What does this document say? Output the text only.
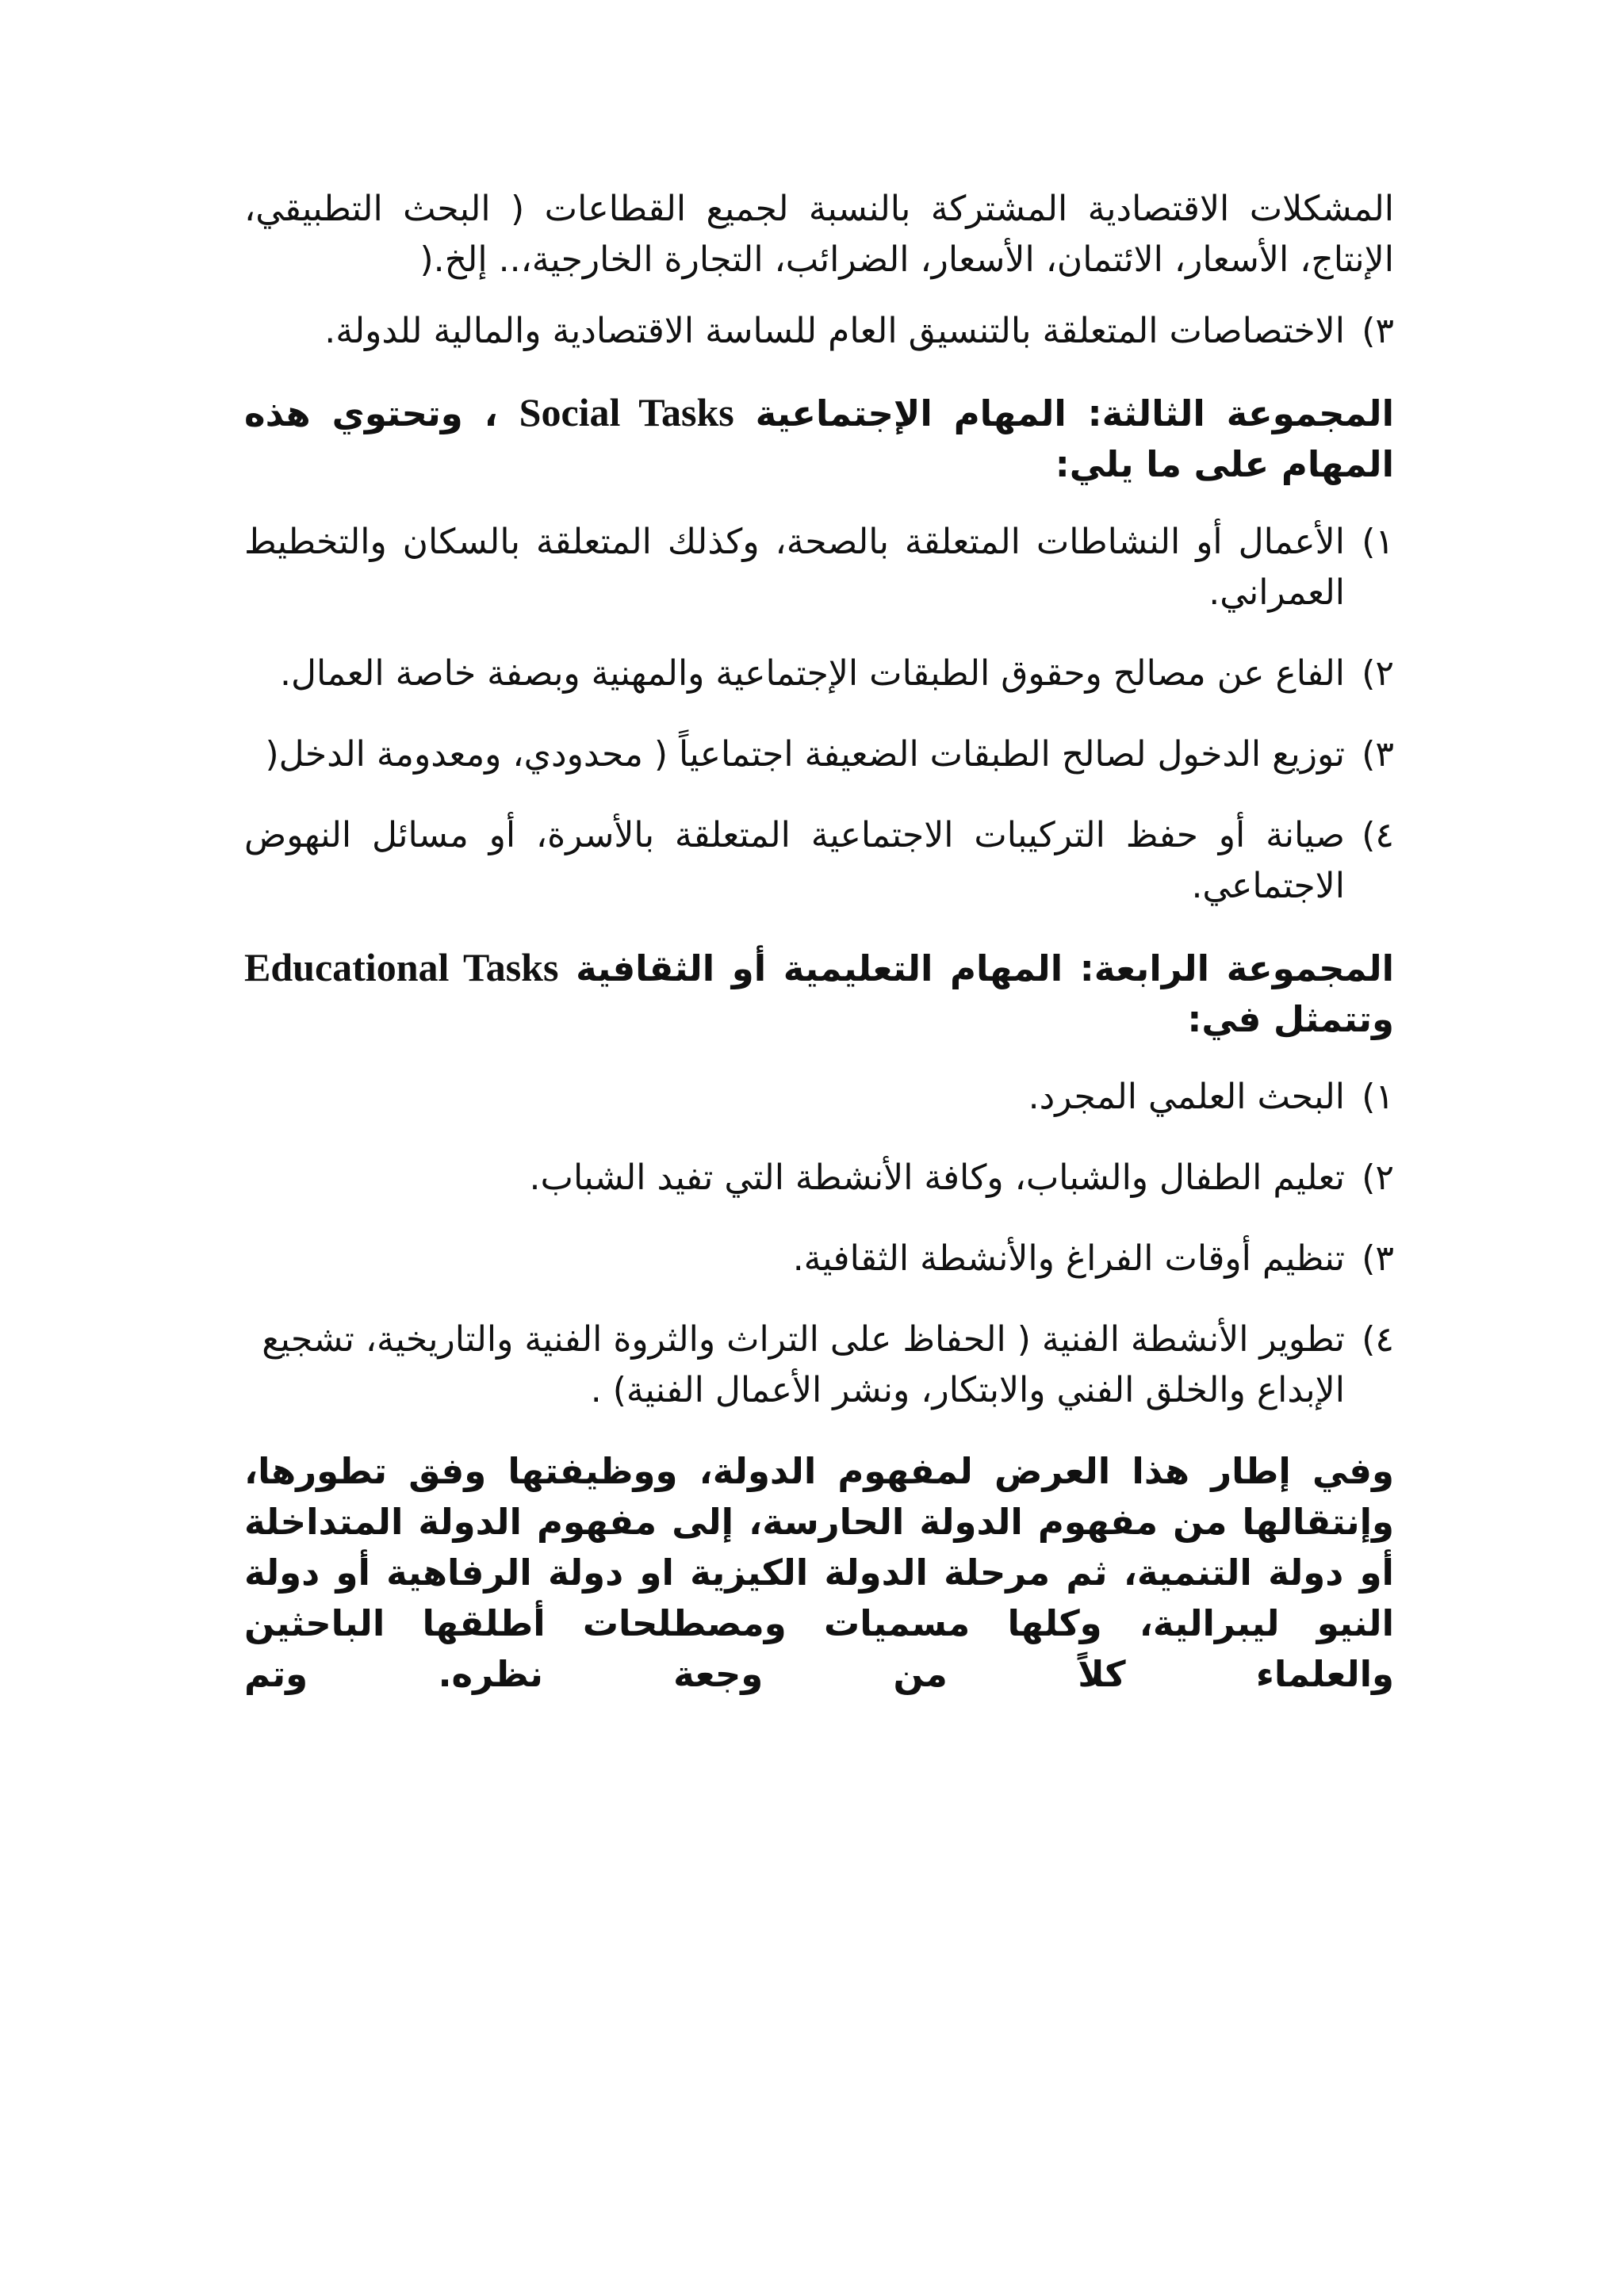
المشكلات الاقتصادية المشتركة بالنسبة لجميع القطاعات ( البحث التطبيقي، الإنتاج، الأسعار، الائتمان، الأسعار، الضرائب، التجارة الخارجية،.. إلخ.(

٣)
الاختصاصات المتعلقة بالتنسيق العام للساسة الاقتصادية والمالية للدولة.

المجموعة الثالثة: المهام الإجتماعية Social Tasks ، وتحتوي هذه المهام على ما يلي:

١)
الأعمال أو النشاطات المتعلقة بالصحة، وكذلك المتعلقة بالسكان والتخطيط العمراني.
٢)
الفاع عن مصالح وحقوق الطبقات الإجتماعية والمهنية وبصفة خاصة العمال.
٣)
توزيع الدخول لصالح الطبقات الضعيفة اجتماعياً ( محدودي، ومعدومة الدخل(
٤)
صيانة أو حفظ التركيبات الاجتماعية المتعلقة بالأسرة، أو مسائل النهوض الاجتماعي.

المجموعة الرابعة: المهام التعليمية أو الثقافية Educational Tasks وتتمثل في:

١)
البحث العلمي المجرد.
٢)
تعليم الطفال والشباب، وكافة الأنشطة التي تفيد الشباب.
٣)
تنظيم أوقات الفراغ والأنشطة الثقافية.
٤)
تطوير الأنشطة الفنية ( الحفاظ على التراث والثروة الفنية والتاريخية، تشجيع الإبداع والخلق الفني والابتكار، ونشر الأعمال الفنية) .

وفي إطار هذا العرض لمفهوم الدولة، ووظيفتها وفق تطورها، وإنتقالها من مفهوم الدولة الحارسة، إلى مفهوم الدولة المتداخلة أو دولة التنمية، ثم مرحلة الدولة الكيزية او دولة الرفاهية أو دولة النيو ليبرالية، وكلها مسميات ومصطلحات أطلقها الباحثين والعلماء كلاً من وجعة نظره. وتم
